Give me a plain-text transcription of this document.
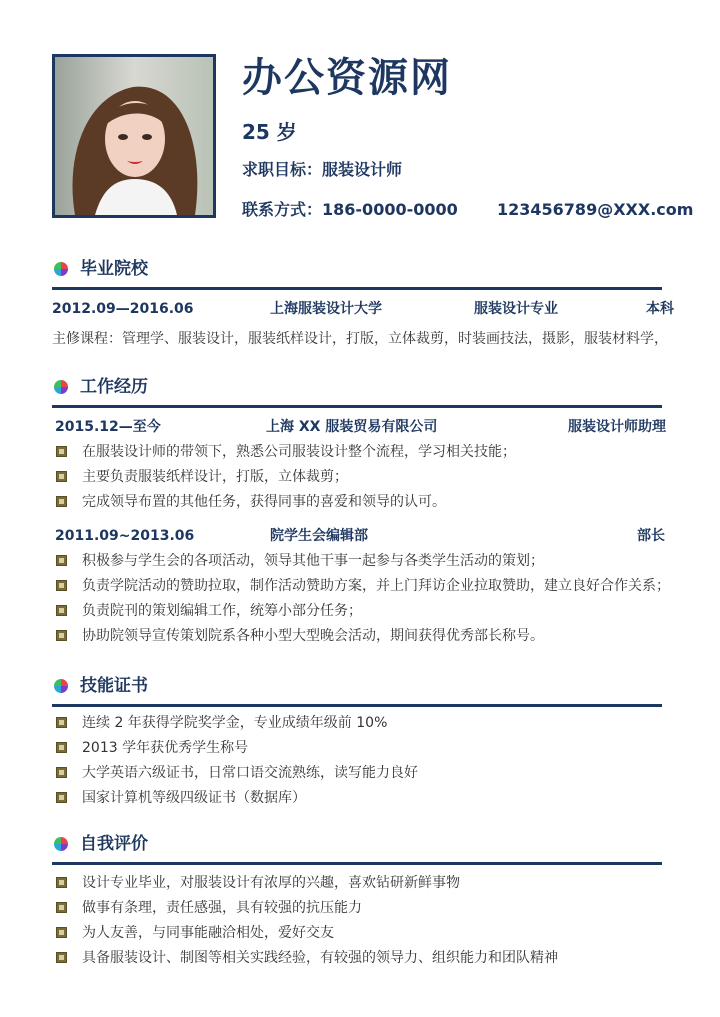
办公资源网
25 岁
求职目标：服装设计师
联系方式：186-0000-0000 123456789@XXX.com
毕业院校
2012.09—2016.06	上海服装设计大学	服装设计专业	本科
主修课程：管理学、服装设计，服装纸样设计，打版，立体裁剪，时装画技法，摄影，服装材料学，
工作经历
2015.12—至今	上海 XX 服装贸易有限公司	服装设计师助理
在服装设计师的带领下，熟悉公司服装设计整个流程，学习相关技能；
主要负责服装纸样设计，打版，立体裁剪；
完成领导布置的其他任务，获得同事的喜爱和领导的认可。
2011.09~2013.06	院学生会编辑部	部长
积极参与学生会的各项活动，领导其他干事一起参与各类学生活动的策划；
负责学院活动的赞助拉取，制作活动赞助方案，并上门拜访企业拉取赞助，建立良好合作关系；
负责院刊的策划编辑工作，统筹小部分任务；
协助院领导宣传策划院系各种小型大型晚会活动，期间获得优秀部长称号。
技能证书
连续 2 年获得学院奖学金，专业成绩年级前 10%
2013 学年获优秀学生称号
大学英语六级证书，日常口语交流熟练，读写能力良好
国家计算机等级四级证书（数据库）
自我评价
设计专业毕业，对服装设计有浓厚的兴趣，喜欢钻研新鲜事物
做事有条理，责任感强，具有较强的抗压能力
为人友善，与同事能融洽相处，爱好交友
具备服装设计、制图等相关实践经验，有较强的领导力、组织能力和团队精神
